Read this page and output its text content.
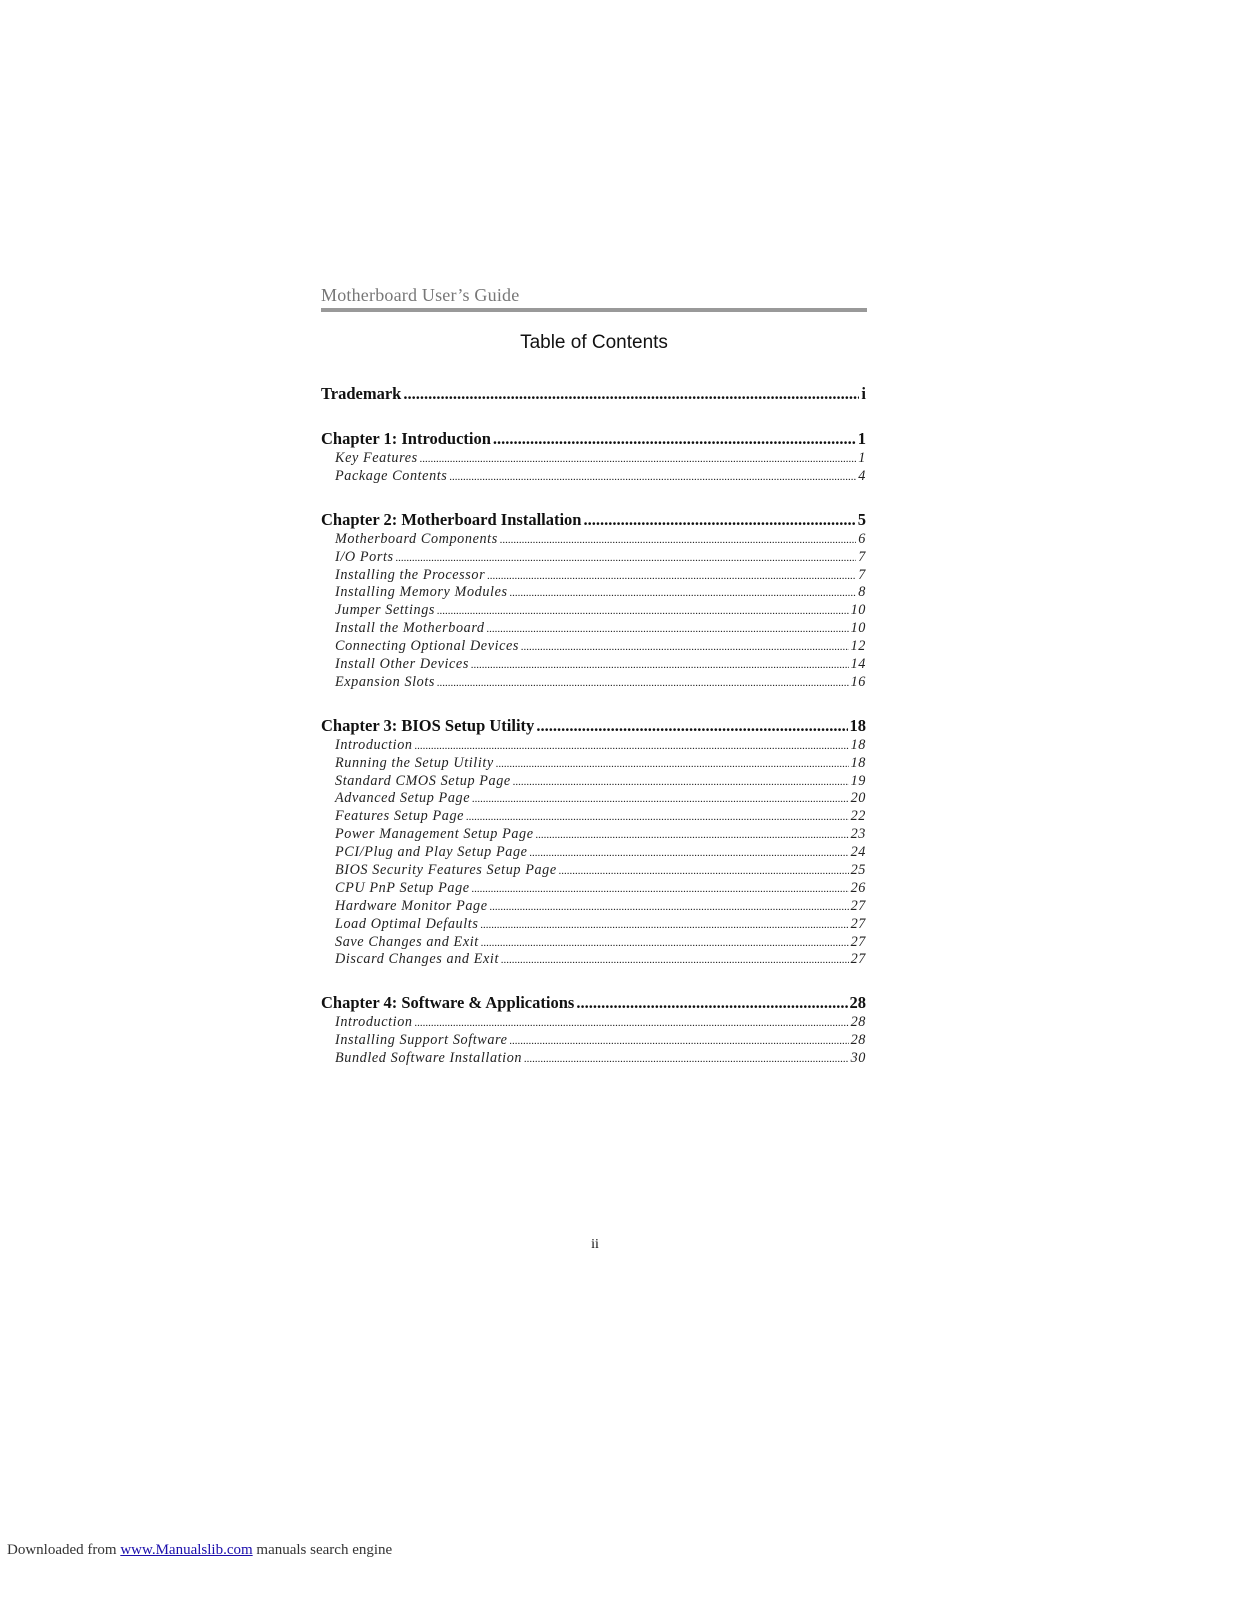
Motherboard User’s Guide
Table of Contents
Trademark .....	i
Chapter 1: Introduction .....	1
Key Features .....	1
Package Contents .....	4
Chapter 2: Motherboard Installation .....	5
Motherboard Components .....	6
I/O Ports .....	7
Installing the Processor .....	7
Installing Memory Modules .....	8
Jumper Settings .....	10
Install the Motherboard .....	10
Connecting Optional Devices .....	12
Install Other Devices .....	14
Expansion Slots .....	16
Chapter 3: BIOS Setup Utility .....	18
Introduction .....	18
Running the Setup Utility .....	18
Standard CMOS Setup Page .....	19
Advanced Setup Page .....	20
Features Setup Page .....	22
Power Management Setup Page .....	23
PCI/Plug and Play Setup Page .....	24
BIOS Security Features Setup Page .....	25
CPU PnP Setup Page .....	26
Hardware Monitor Page .....	27
Load Optimal Defaults .....	27
Save Changes and Exit .....	27
Discard Changes and Exit .....	27
Chapter 4: Software & Applications .....	28
Introduction .....	28
Installing Support Software .....	28
Bundled Software Installation .....	30
ii
Downloaded from www.Manualslib.com manuals search engine
